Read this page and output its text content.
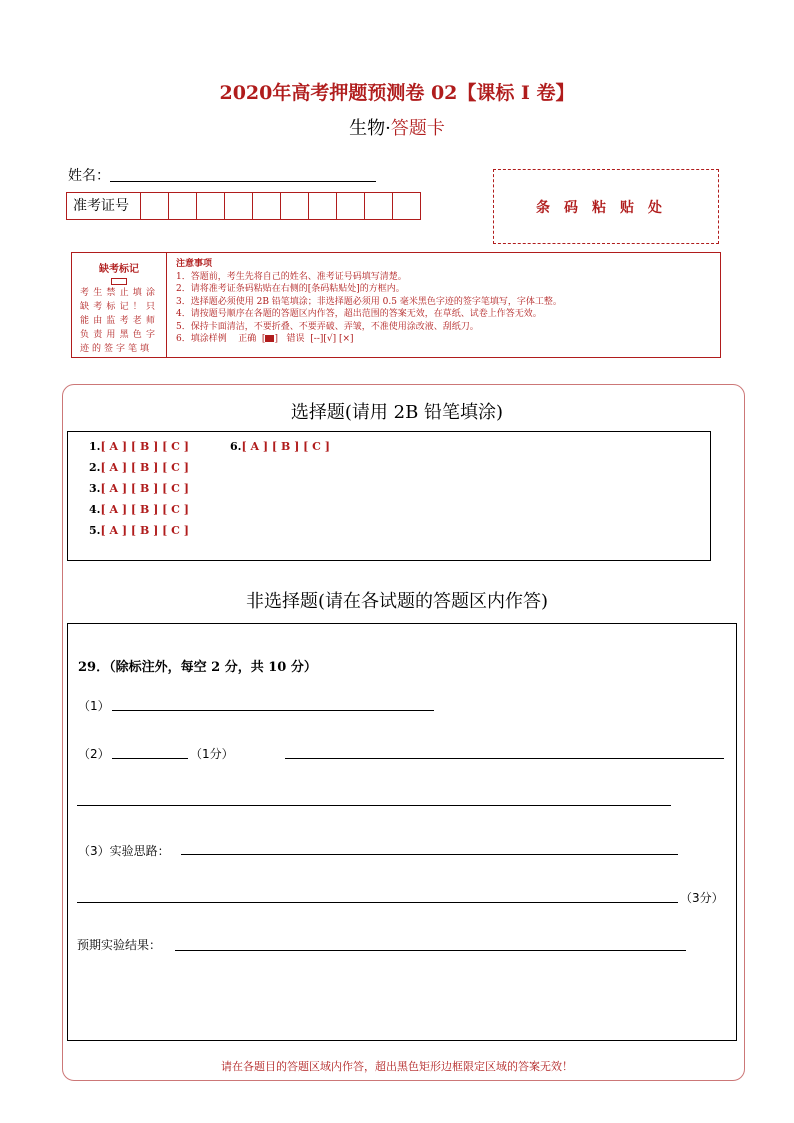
2020年高考押题预测卷 02【课标 I 卷】
生物·答题卡
姓名：
准考证号	条码粘贴处
缺考标记
考生禁止填涂缺考标记！只能由监考老师负责用黑色字迹的签字笔填
注意事项
1．答题前，考生先将自己的姓名、准考证号码填写清楚。
2．请将准考证条码粘贴在右侧的[条码粘贴处]的方框内。
3．选择题必须使用 2B 铅笔填涂；非选择题必须用 0.5 毫米黑色字迹的签字笔填写，字体工整。
4．请按题号顺序在各题的答题区内作答，超出范围的答案无效，在草纸、试卷上作答无效。
5．保持卡面清洁，不要折叠、不要弄破、弄皱，不准使用涂改液、刮纸刀。
6．填涂样例 正确  [ ]   错误 [--][√] [×]
选择题(请用 2B 铅笔填涂)
1.[ A ] [ B ] [ C ]
2.[ A ] [ B ] [ C ]
3.[ A ] [ B ] [ C ]
4.[ A ] [ B ] [ C ]
5.[ A ] [ B ] [ C ]
6.[ A ] [ B ] [ C ]
非选择题(请在各试题的答题区内作答)
29．（除标注外，每空 2 分，共 10 分）
（1）
（2）	（1分）
（3）实验思路：
（3分）
预期实验结果：
请在各题目的答题区域内作答，超出黑色矩形边框限定区域的答案无效！
